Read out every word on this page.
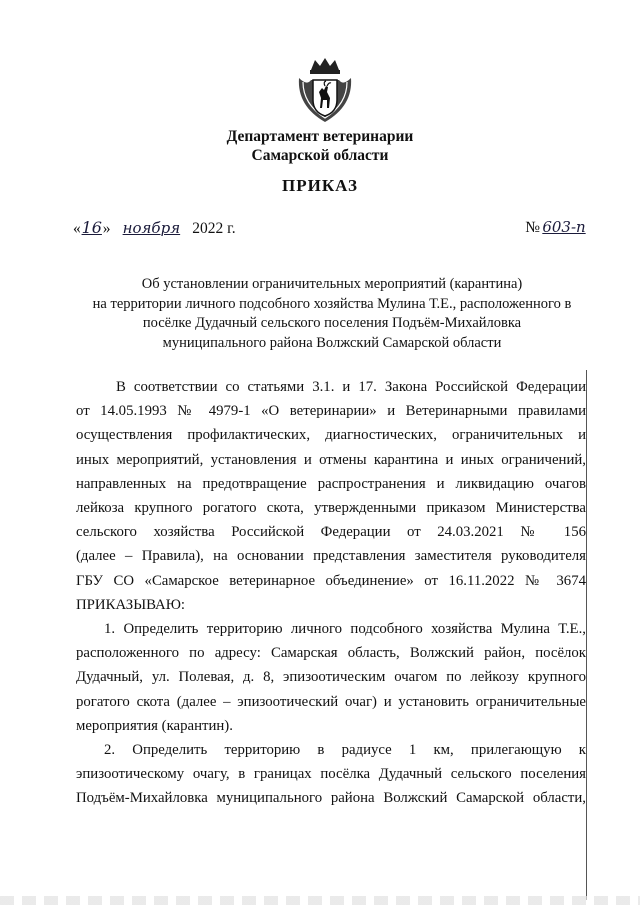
Департамент ветеринарии
Самарской области
ПРИКАЗ
«16» ноября 2022 г.	№ 603-п
Об установлении ограничительных мероприятий (карантина)
на территории личного подсобного хозяйства Мулина Т.Е., расположенного в
посёлке Дудачный сельского поселения Подъём-Михайловка
муниципального района Волжский Самарской области
В соответствии со статьями 3.1. и 17. Закона Российской Федерации
от 14.05.1993 № 4979-1 «О ветеринарии» и Ветеринарными правилами
осуществления профилактических, диагностических, ограничительных и
иных мероприятий, установления и отмены карантина и иных ограничений,
направленных на предотвращение распространения и ликвидацию очагов
лейкоза крупного рогатого скота, утвержденными приказом Министерства
сельского хозяйства Российской Федерации от 24.03.2021 № 156
(далее – Правила), на основании представления заместителя руководителя
ГБУ СО «Самарское ветеринарное объединение» от 16.11.2022 № 3674
ПРИКАЗЫВАЮ:
1. Определить территорию личного подсобного хозяйства Мулина Т.Е.,
расположенного по адресу: Самарская область, Волжский район, посёлок
Дудачный, ул. Полевая, д. 8, эпизоотическим очагом по лейкозу крупного
рогатого скота (далее – эпизоотический очаг) и установить ограничительные
мероприятия (карантин).
2. Определить территорию в радиусе 1 км, прилегающую к
эпизоотическому очагу, в границах посёлка Дудачный сельского поселения
Подъём-Михайловка муниципального района Волжский Самарской области,
